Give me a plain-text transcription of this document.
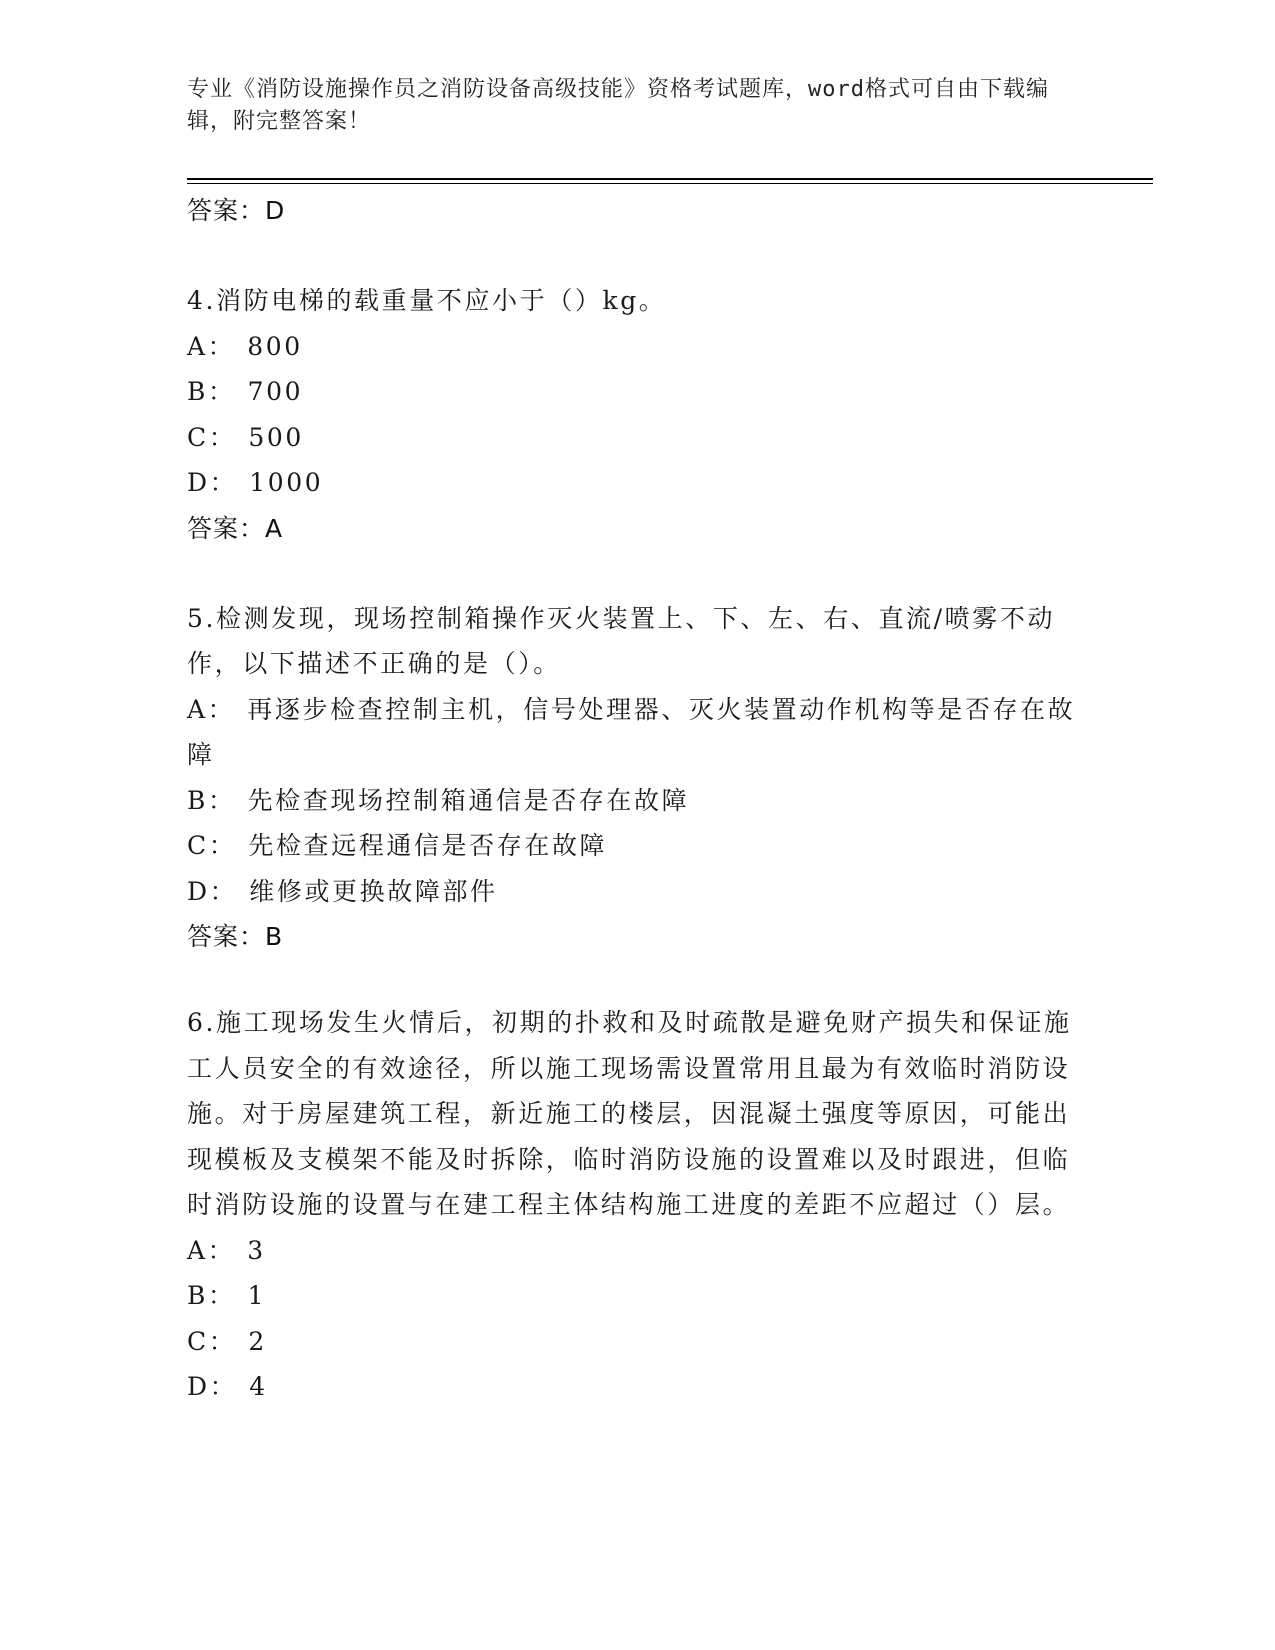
专业《消防设施操作员之消防设备高级技能》资格考试题库，word格式可自由下载编辑，附完整答案！
答案：D
4.消防电梯的载重量不应小于（）kg。
A： 800
B： 700
C： 500
D： 1000
答案：A
5.检测发现，现场控制箱操作灭火装置上、下、左、右、直流/喷雾不动作，以下描述不正确的是（）。
A： 再逐步检查控制主机，信号处理器、灭火装置动作机构等是否存在故障
B： 先检查现场控制箱通信是否存在故障
C： 先检查远程通信是否存在故障
D： 维修或更换故障部件
答案：B
6.施工现场发生火情后，初期的扑救和及时疏散是避免财产损失和保证施工人员安全的有效途径，所以施工现场需设置常用且最为有效临时消防设施。对于房屋建筑工程，新近施工的楼层，因混凝土强度等原因，可能出现模板及支模架不能及时拆除，临时消防设施的设置难以及时跟进，但临时消防设施的设置与在建工程主体结构施工进度的差距不应超过（）层。
A： 3
B： 1
C： 2
D： 4
